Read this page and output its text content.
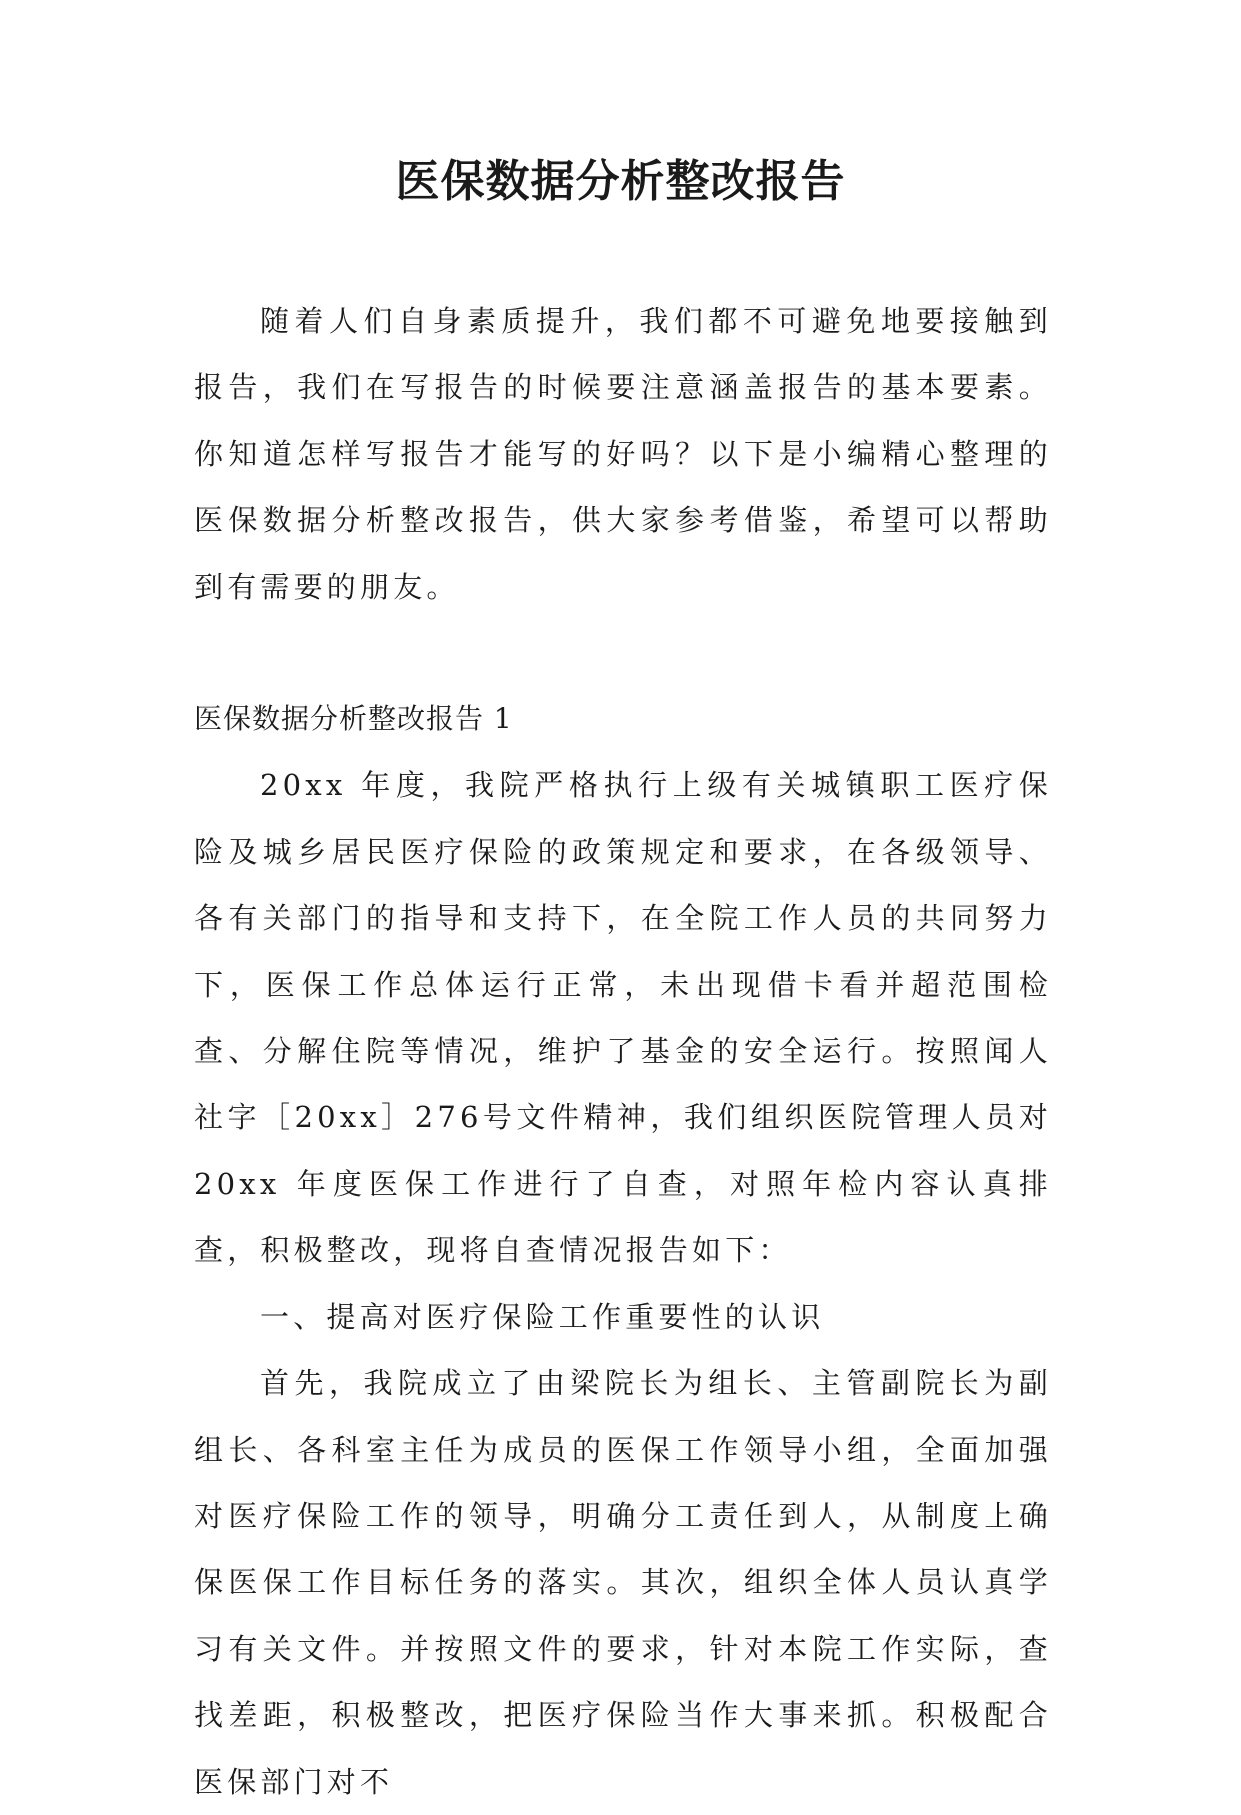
医保数据分析整改报告

随着人们自身素质提升，我们都不可避免地要接触到报告，我们在写报告的时候要注意涵盖报告的基本要素。你知道怎样写报告才能写的好吗？以下是小编精心整理的医保数据分析整改报告，供大家参考借鉴，希望可以帮助到有需要的朋友。

医保数据分析整改报告 1

20xx 年度，我院严格执行上级有关城镇职工医疗保险及城乡居民医疗保险的政策规定和要求，在各级领导、各有关部门的指导和支持下，在全院工作人员的共同努力下，医保工作总体运行正常，未出现借卡看并超范围检查、分解住院等情况，维护了基金的安全运行。按照闻人社字［20xx］276号文件精神，我们组织医院管理人员对 20xx 年度医保工作进行了自查，对照年检内容认真排查，积极整改，现将自查情况报告如下：

一、提高对医疗保险工作重要性的认识

首先，我院成立了由梁院长为组长、主管副院长为副组长、各科室主任为成员的医保工作领导小组，全面加强对医疗保险工作的领导，明确分工责任到人，从制度上确保医保工作目标任务的落实。其次，组织全体人员认真学习有关文件。并按照文件的要求，针对本院工作实际，查找差距，积极整改，把医疗保险当作大事来抓。积极配合医保部门对不
